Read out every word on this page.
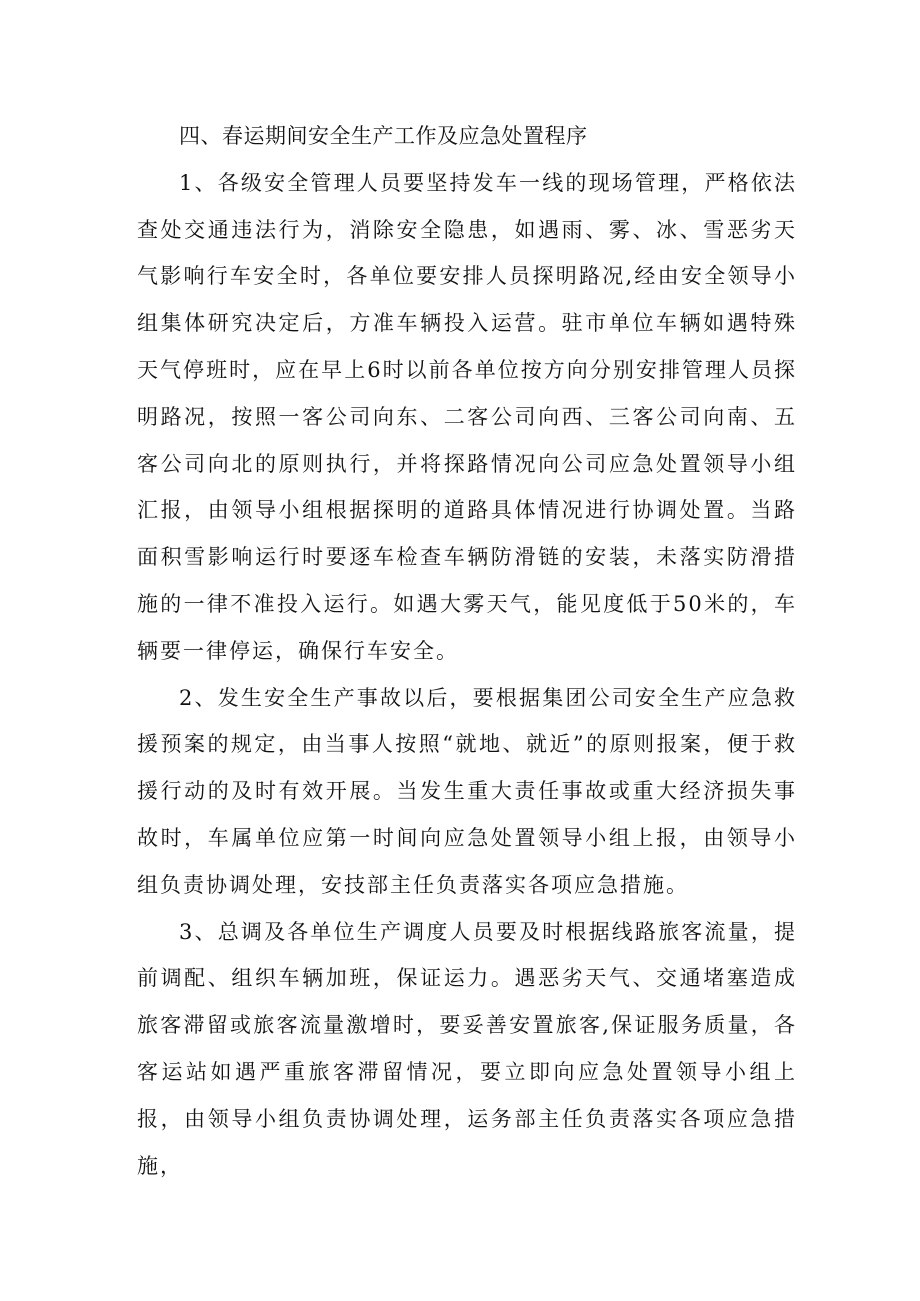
四、春运期间安全生产工作及应急处置程序

1、各级安全管理人员要坚持发车一线的现场管理，严格依法查处交通违法行为，消除安全隐患，如遇雨、雾、冰、雪恶劣天气影响行车安全时，各单位要安排人员探明路况,经由安全领导小组集体研究决定后，方准车辆投入运营。驻市单位车辆如遇特殊天气停班时，应在早上6时以前各单位按方向分别安排管理人员探明路况，按照一客公司向东、二客公司向西、三客公司向南、五客公司向北的原则执行，并将探路情况向公司应急处置领导小组汇报，由领导小组根据探明的道路具体情况进行协调处置。当路面积雪影响运行时要逐车检查车辆防滑链的安装，未落实防滑措施的一律不准投入运行。如遇大雾天气，能见度低于50米的，车辆要一律停运，确保行车安全。

2、发生安全生产事故以后，要根据集团公司安全生产应急救援预案的规定，由当事人按照“就地、就近”的原则报案，便于救援行动的及时有效开展。当发生重大责任事故或重大经济损失事故时，车属单位应第一时间向应急处置领导小组上报，由领导小组负责协调处理，安技部主任负责落实各项应急措施。

3、总调及各单位生产调度人员要及时根据线路旅客流量，提前调配、组织车辆加班，保证运力。遇恶劣天气、交通堵塞造成旅客滞留或旅客流量激增时，要妥善安置旅客,保证服务质量，各客运站如遇严重旅客滞留情况，要立即向应急处置领导小组上报，由领导小组负责协调处理，运务部主任负责落实各项应急措施，
